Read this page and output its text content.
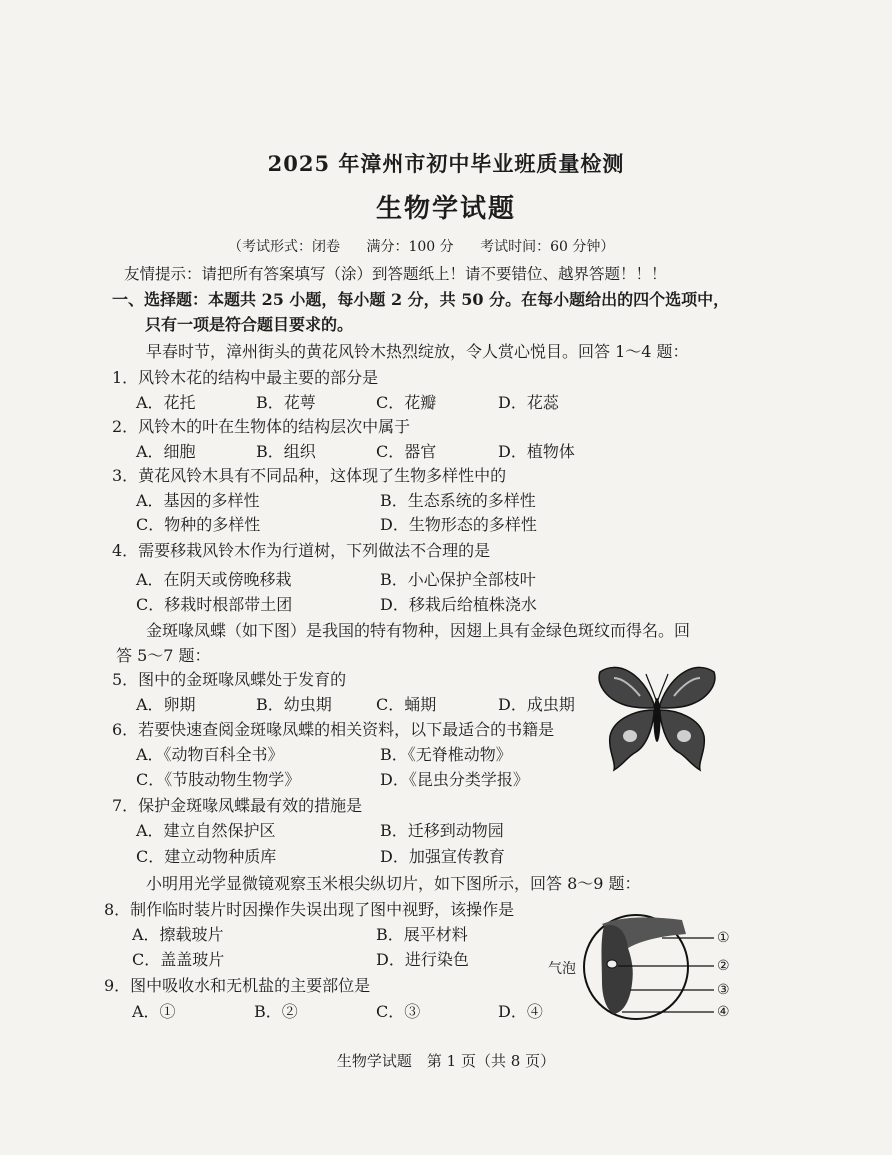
2025 年漳州市初中毕业班质量检测
生物学试题
（考试形式：闭卷 满分：100 分 考试时间：60 分钟）
友情提示：请把所有答案填写（涂）到答题纸上！请不要错位、越界答题！！！
一、选择题：本题共 25 小题，每小题 2 分，共 50 分。在每小题给出的四个选项中，
只有一项是符合题目要求的。
早春时节，漳州街头的黄花风铃木热烈绽放，令人赏心悦目。回答 1～4 题：
1．风铃木花的结构中最主要的部分是
A．花托	B．花萼	C．花瓣	D．花蕊
2．风铃木的叶在生物体的结构层次中属于
A．细胞	B．组织	C．器官	D．植物体
3．黄花风铃木具有不同品种，这体现了生物多样性中的
A．基因的多样性	B．生态系统的多样性
C．物种的多样性	D．生物形态的多样性
4．需要移栽风铃木作为行道树，下列做法不合理的是
A．在阴天或傍晚移栽	B．小心保护全部枝叶
C．移栽时根部带土团	D．移栽后给植株浇水
金斑喙凤蝶（如下图）是我国的特有物种，因翅上具有金绿色斑纹而得名。回
答 5～7 题：
5．图中的金斑喙凤蝶处于发育的
A．卵期	B．幼虫期	C．蛹期	D．成虫期
6．若要快速查阅金斑喙凤蝶的相关资料，以下最适合的书籍是
A．《动物百科全书》	B．《无脊椎动物》
C．《节肢动物生物学》	D．《昆虫分类学报》
7．保护金斑喙凤蝶最有效的措施是
A．建立自然保护区	B．迁移到动物园
C．建立动物种质库	D．加强宣传教育
小明用光学显微镜观察玉米根尖纵切片，如下图所示，回答 8～9 题：
8．制作临时装片时因操作失误出现了图中视野，该操作是
A．擦载玻片	B．展平材料
C．盖盖玻片	D．进行染色
9．图中吸收水和无机盐的主要部位是
A．①	B．②	C．③	D．④
气泡
①
②
③
④
生物学试题　第 1 页（共 8 页）
